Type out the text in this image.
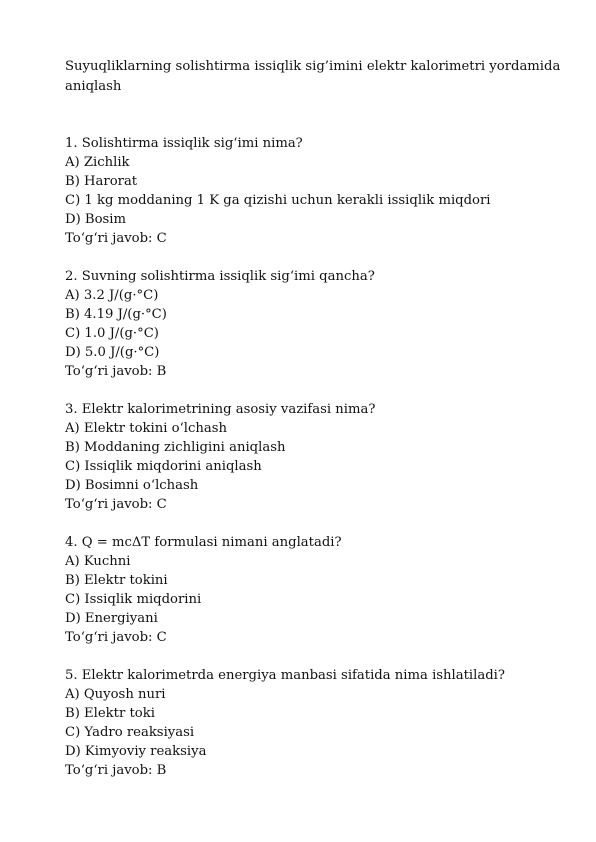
Suyuqliklarning solishtirma issiqlik sig’imini elektr kalorimetri yordamida aniqlash
1. Solishtirma issiqlik sig‘imi nima?
A) Zichlik
B) Harorat
C) 1 kg moddaning 1 K ga qizishi uchun kerakli issiqlik miqdori
D) Bosim
To‘g‘ri javob: C
2. Suvning solishtirma issiqlik sig‘imi qancha?
A) 3.2 J/(g·°C)
B) 4.19 J/(g·°C)
C) 1.0 J/(g·°C)
D) 5.0 J/(g·°C)
To‘g‘ri javob: B
3. Elektr kalorimetrining asosiy vazifasi nima?
A) Elektr tokini o‘lchash
B) Moddaning zichligini aniqlash
C) Issiqlik miqdorini aniqlash
D) Bosimni o‘lchash
To‘g‘ri javob: C
4. Q = mcΔT formulasi nimani anglatadi?
A) Kuchni
B) Elektr tokini
C) Issiqlik miqdorini
D) Energiyani
To‘g‘ri javob: C
5. Elektr kalorimetrda energiya manbasi sifatida nima ishlatiladi?
A) Quyosh nuri
B) Elektr toki
C) Yadro reaksiyasi
D) Kimyoviy reaksiya
To‘g‘ri javob: B
